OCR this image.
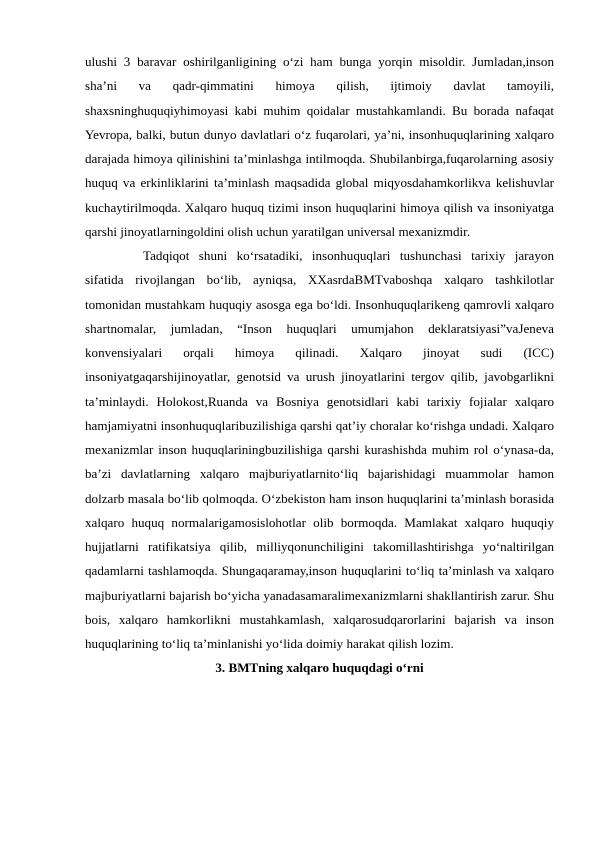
ulushi 3 baravar oshirilganligining o‘zi ham bunga yorqin misoldir. Jumladan,inson sha’ni va qadr-qimmatini himoya qilish, ijtimoiy davlat tamoyili, shaxsninghuquqiyhimoyasi kabi muhim qoidalar mustahkamlandi. Bu borada nafaqat Yevropa, balki, butun dunyo davlatlari o‘z fuqarolari, ya’ni, insonhuquqlarining xalqaro darajada himoya qilinishini ta’minlashga intilmoqda. Shubilanbirga,fuqarolarning asosiy huquq va erkinliklarini ta’minlash maqsadida global miqyosdahamkorlikva kelishuvlar kuchaytirilmoqda. Xalqaro huquq tizimi inson huquqlarini himoya qilish va insoniyatga qarshi jinoyatlarningoldini olish uchun yaratilgan universal mexanizmdir.

Tadqiqot shuni ko‘rsatadiki, insonhuquqlari tushunchasi tarixiy jarayon sifatida rivojlangan bo‘lib, ayniqsa, XXasrdaBMTvaboshqa xalqaro tashkilotlar tomonidan mustahkam huquqiy asosga ega bo‘ldi. Insonhuquqlarikeng qamrovli xalqaro shartnomalar, jumladan, “Inson huquqlari umumjahon deklaratsiyasi”vaJeneva konvensiyalari orqali himoya qilinadi. Xalqaro jinoyat sudi (ICC) insoniyatgaqarshijinoyatlar, genotsid va urush jinoyatlarini tergov qilib, javobgarlikni ta’minlaydi. Holokost,Ruanda va Bosniya genotsidlari kabi tarixiy fojialar xalqaro hamjamiyatni insonhuquqlaribuzilishiga qarshi qat’iy choralar ko‘rishga undadi. Xalqaro mexanizmlar inson huquqlariningbuzilishiga qarshi kurashishda muhim rol o‘ynasa-da, ba’zi davlatlarning xalqaro majburiyatlarnito‘liq bajarishidagi muammolar hamon dolzarb masala bo‘lib qolmoqda. O‘zbekiston ham inson huquqlarini ta’minlash borasida xalqaro huquq normalarigamosislohotlar olib bormoqda. Mamlakat xalqaro huquqiy hujjatlarni ratifikatsiya qilib, milliyqonunchiligini takomillashtirishga yo‘naltirilgan qadamlarni tashlamoqda. Shungaqaramay,inson huquqlarini to‘liq ta’minlash va xalqaro majburiyatlarni bajarish bo‘yicha yanadasamaralimexanizmlarni shakllantirish zarur. Shu bois, xalqaro hamkorlikni mustahkamlash, xalqarosudqarorlarini bajarish va inson huquqlarining to‘liq ta’minlanishi yo‘lida doimiy harakat qilish lozim.

3. BMTning xalqaro huquqdagi o‘rni
